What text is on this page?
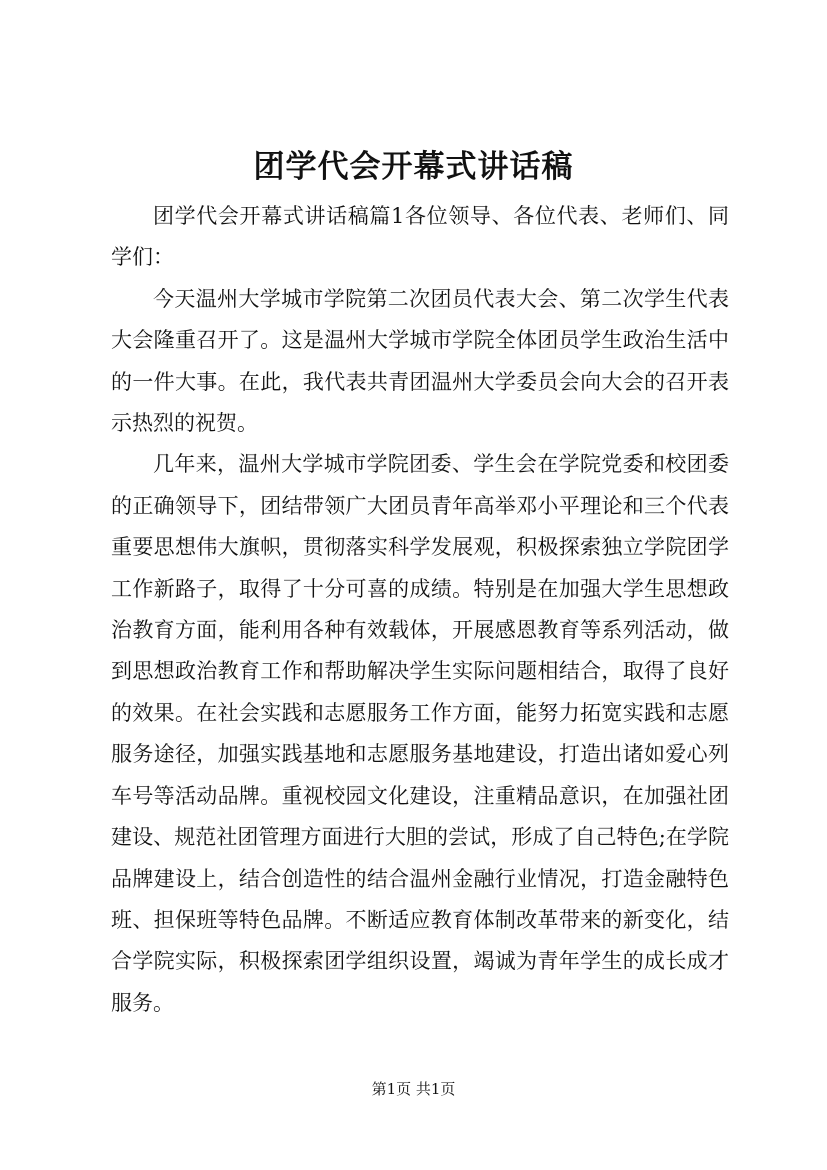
团学代会开幕式讲话稿

团学代会开幕式讲话稿篇1各位领导、各位代表、老师们、同学们：

今天温州大学城市学院第二次团员代表大会、第二次学生代表大会隆重召开了。这是温州大学城市学院全体团员学生政治生活中的一件大事。在此，我代表共青团温州大学委员会向大会的召开表示热烈的祝贺。

几年来，温州大学城市学院团委、学生会在学院党委和校团委的正确领导下，团结带领广大团员青年高举邓小平理论和三个代表重要思想伟大旗帜，贯彻落实科学发展观，积极探索独立学院团学工作新路子，取得了十分可喜的成绩。特别是在加强大学生思想政治教育方面，能利用各种有效载体，开展感恩教育等系列活动，做到思想政治教育工作和帮助解决学生实际问题相结合，取得了良好的效果。在社会实践和志愿服务工作方面，能努力拓宽实践和志愿服务途径，加强实践基地和志愿服务基地建设，打造出诸如爱心列车号等活动品牌。重视校园文化建设，注重精品意识，在加强社团建设、规范社团管理方面进行大胆的尝试，形成了自己特色;在学院品牌建设上，结合创造性的结合温州金融行业情况，打造金融特色班、担保班等特色品牌。不断适应教育体制改革带来的新变化，结合学院实际，积极探索团学组织设置，竭诚为青年学生的成长成才服务。

第1页 共1页
